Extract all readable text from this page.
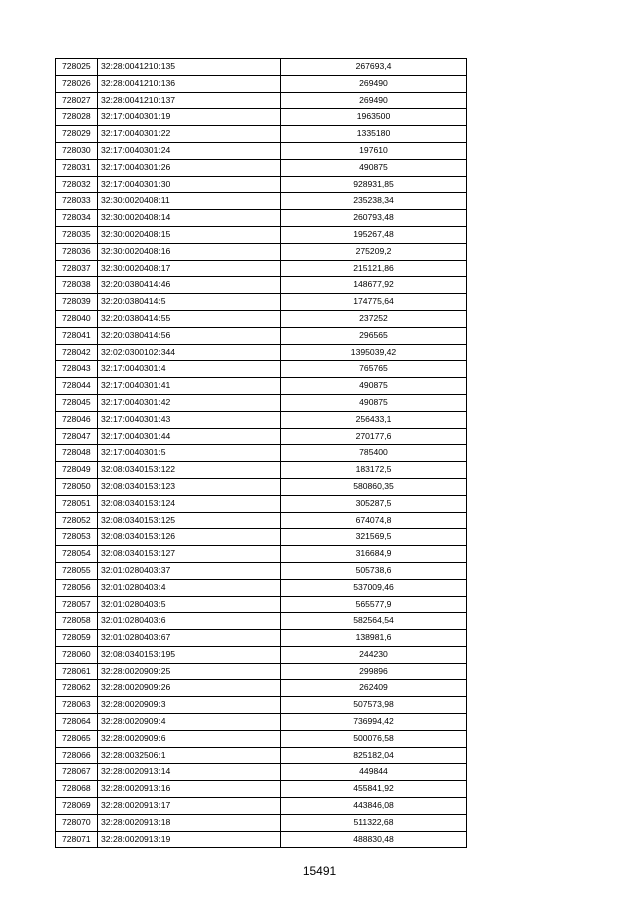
728025	32:28:0041210:135	267693,4
728026	32:28:0041210:136	269490
728027	32:28:0041210:137	269490
728028	32:17:0040301:19	1963500
728029	32:17:0040301:22	1335180
728030	32:17:0040301:24	197610
728031	32:17:0040301:26	490875
728032	32:17:0040301:30	928931,85
728033	32:30:0020408:11	235238,34
728034	32:30:0020408:14	260793,48
728035	32:30:0020408:15	195267,48
728036	32:30:0020408:16	275209,2
728037	32:30:0020408:17	215121,86
728038	32:20:0380414:46	148677,92
728039	32:20:0380414:5	174775,64
728040	32:20:0380414:55	237252
728041	32:20:0380414:56	296565
728042	32:02:0300102:344	1395039,42
728043	32:17:0040301:4	765765
728044	32:17:0040301:41	490875
728045	32:17:0040301:42	490875
728046	32:17:0040301:43	256433,1
728047	32:17:0040301:44	270177,6
728048	32:17:0040301:5	785400
728049	32:08:0340153:122	183172,5
728050	32:08:0340153:123	580860,35
728051	32:08:0340153:124	305287,5
728052	32:08:0340153:125	674074,8
728053	32:08:0340153:126	321569,5
728054	32:08:0340153:127	316684,9
728055	32:01:0280403:37	505738,6
728056	32:01:0280403:4	537009,46
728057	32:01:0280403:5	565577,9
728058	32:01:0280403:6	582564,54
728059	32:01:0280403:67	138981,6
728060	32:08:0340153:195	244230
728061	32:28:0020909:25	299896
728062	32:28:0020909:26	262409
728063	32:28:0020909:3	507573,98
728064	32:28:0020909:4	736994,42
728065	32:28:0020909:6	500076,58
728066	32:28:0032506:1	825182,04
728067	32:28:0020913:14	449844
728068	32:28:0020913:16	455841,92
728069	32:28:0020913:17	443846,08
728070	32:28:0020913:18	511322,68
728071	32:28:0020913:19	488830,48
15491
